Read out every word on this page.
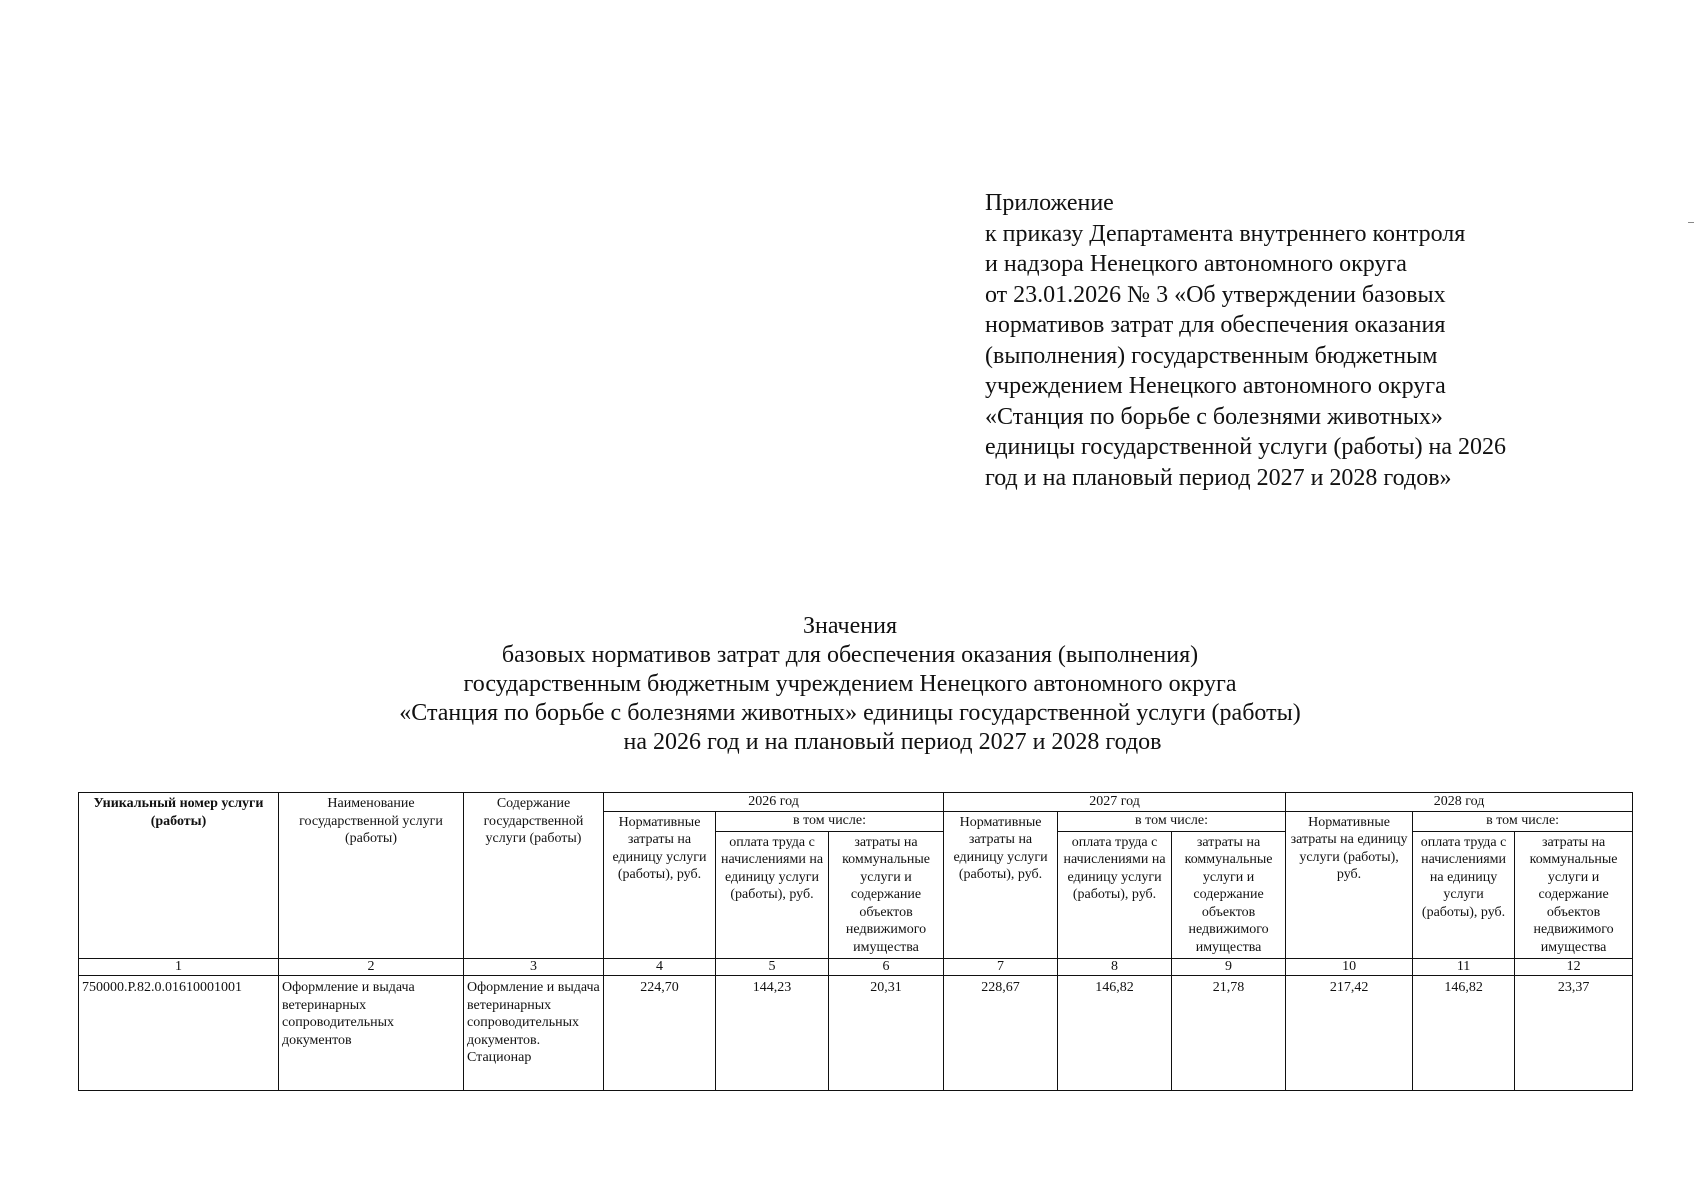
Приложение
к приказу Департамента внутреннего контроля
и надзора Ненецкого автономного округа
от 23.01.2026 № 3 «Об утверждении базовых
нормативов затрат для обеспечения оказания
(выполнения) государственным бюджетным
учреждением Ненецкого автономного округа
«Станция по борьбе с болезнями животных»
единицы государственной услуги (работы) на 2026
год и на плановый период 2027 и 2028 годов»
Значения
базовых нормативов затрат для обеспечения оказания (выполнения)
государственным бюджетным учреждением Ненецкого автономного округа
«Станция по борьбе с болезнями животных» единицы государственной услуги (работы)
на 2026 год и на плановый период 2027 и 2028 годов
Уникальный номер услуги (работы)	Наименование государственной услуги (работы)	Содержание государственной услуги (работы)	2026 год			2027 год			2028 год		
			Нормативные затраты на единицу услуги (работы), руб.	в том числе:		Нормативные затраты на единицу услуги (работы), руб.	в том числе:		Нормативные затраты на единицу услуги (работы), руб.	в том числе:	
				оплата труда с начислениями на единицу услуги (работы), руб.	затраты на коммунальные услуги и содержание объектов недвижимого имущества		оплата труда с начислениями на единицу услуги (работы), руб.	затраты на коммунальные услуги и содержание объектов недвижимого имущества		оплата труда с начислениями на единицу услуги (работы), руб.	затраты на коммунальные услуги и содержание объектов недвижимого имущества
1	2	3	4	5	6	7	8	9	10	11	12
750000.Р.82.0.01610001001	Оформление и выдача ветеринарных сопроводительных документов	Оформление и выдача ветеринарных сопроводительных документов. Стационар	224,70	144,23	20,31	228,67	146,82	21,78	217,42	146,82	23,37
